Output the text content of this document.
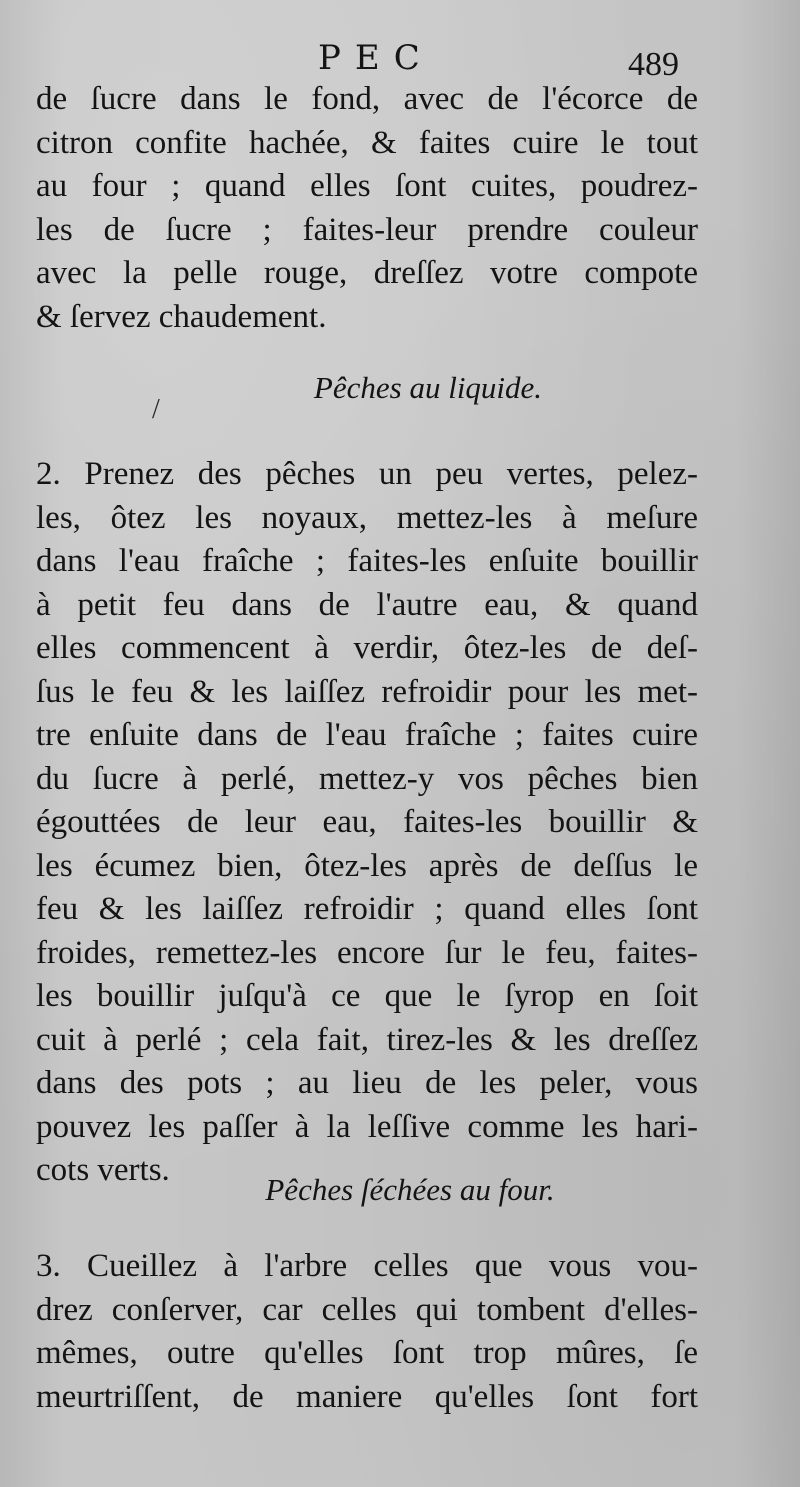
PEC	489
de ſucre dans le fond, avec de l'écorce de
citron confite hachée, & faites cuire le tout
au four ; quand elles ſont cuites, poudrez-
les de ſucre ; faites-leur prendre couleur
avec la pelle rouge, dreſſez votre compote
& ſervez chaudement.
/
Pêches au liquide.
2. Prenez des pêches un peu vertes, pelez-
les, ôtez les noyaux, mettez-les à meſure
dans l'eau fraîche ; faites-les enſuite bouillir
à petit feu dans de l'autre eau, & quand
elles commencent à verdir, ôtez-les de deſ-
ſus le feu & les laiſſez refroidir pour les met-
tre enſuite dans de l'eau fraîche ; faites cuire
du ſucre à perlé, mettez-y vos pêches bien
égouttées de leur eau, faites-les bouillir &
les écumez bien, ôtez-les après de deſſus le
feu & les laiſſez refroidir ; quand elles ſont
froides, remettez-les encore ſur le feu, faites-
les bouillir juſqu'à ce que le ſyrop en ſoit
cuit à perlé ; cela fait, tirez-les & les dreſſez
dans des pots ; au lieu de les peler, vous
pouvez les paſſer à la leſſive comme les hari-
cots verts.
Pêches ſéchées au four.
3. Cueillez à l'arbre celles que vous vou-
drez conſerver, car celles qui tombent d'elles-
mêmes, outre qu'elles ſont trop mûres, ſe
meurtriſſent, de maniere qu'elles ſont fort
